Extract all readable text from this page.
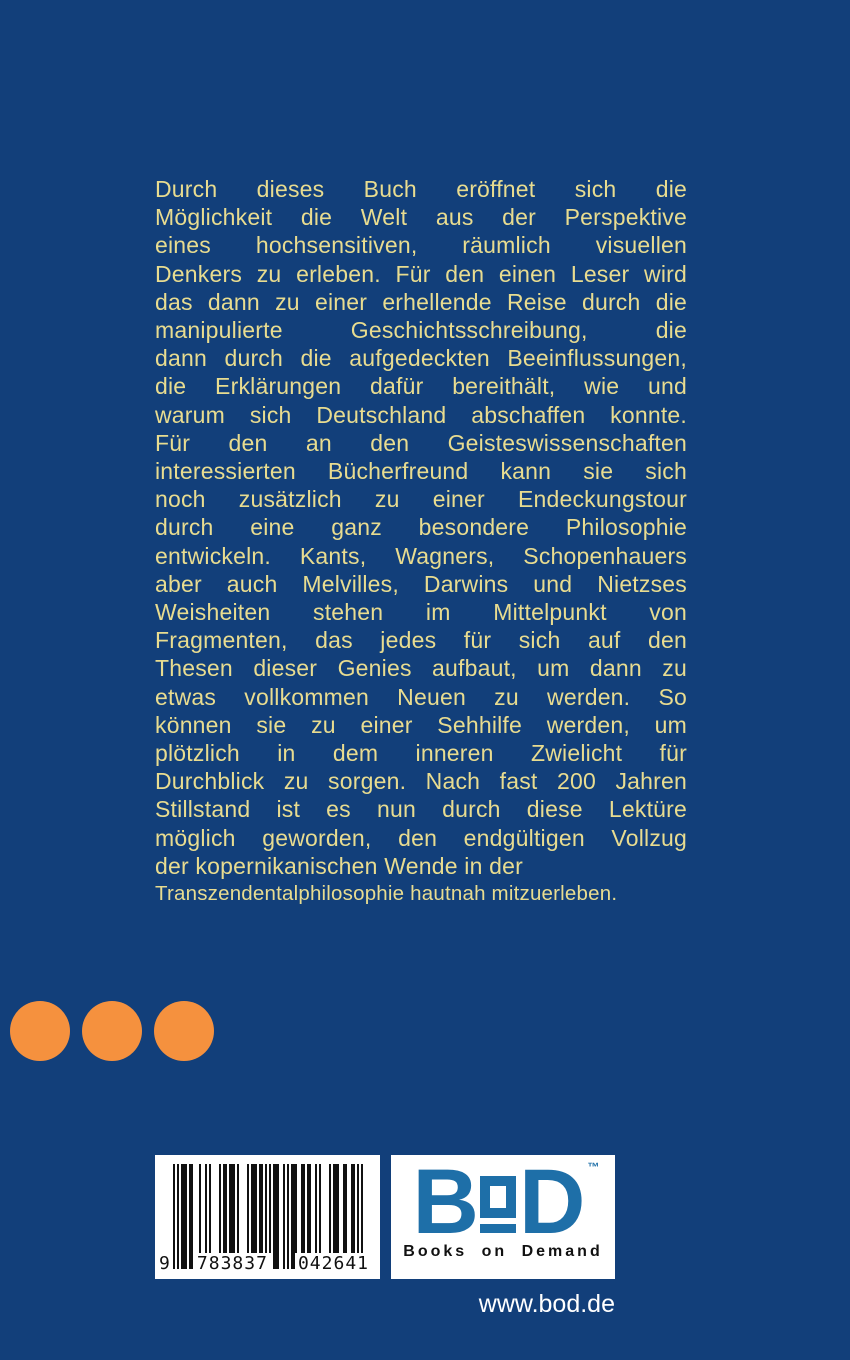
Durch dieses Buch eröffnet sich die
Möglichkeit die Welt aus der Perspektive
eines hochsensitiven, räumlich visuellen
Denkers zu erleben. Für den einen Leser wird
das dann zu einer erhellende Reise durch die
manipulierte Geschichtsschreibung, die
dann durch die aufgedeckten Beeinflussungen,
die Erklärungen dafür bereithält, wie und
warum sich Deutschland abschaffen konnte.
Für den an den Geisteswissenschaften
interessierten Bücherfreund kann sie sich
noch zusätzlich zu einer Endeckungstour
durch eine ganz besondere Philosophie
entwickeln. Kants, Wagners, Schopenhauers
aber auch Melvilles, Darwins und Nietzses
Weisheiten stehen im Mittelpunkt von
Fragmenten, das jedes für sich auf den
Thesen dieser Genies aufbaut, um dann zu
etwas vollkommen Neuen zu werden. So
können sie zu einer Sehhilfe werden, um
plötzlich in dem inneren Zwielicht für
Durchblick zu sorgen. Nach fast 200 Jahren
Stillstand ist es nun durch diese Lektüre
möglich geworden, den endgültigen Vollzug
der kopernikanischen Wende in der
Transzendentalphilosophie hautnah mitzuerleben.
9 783837 042641
B D ™
Books on Demand
www.bod.de
